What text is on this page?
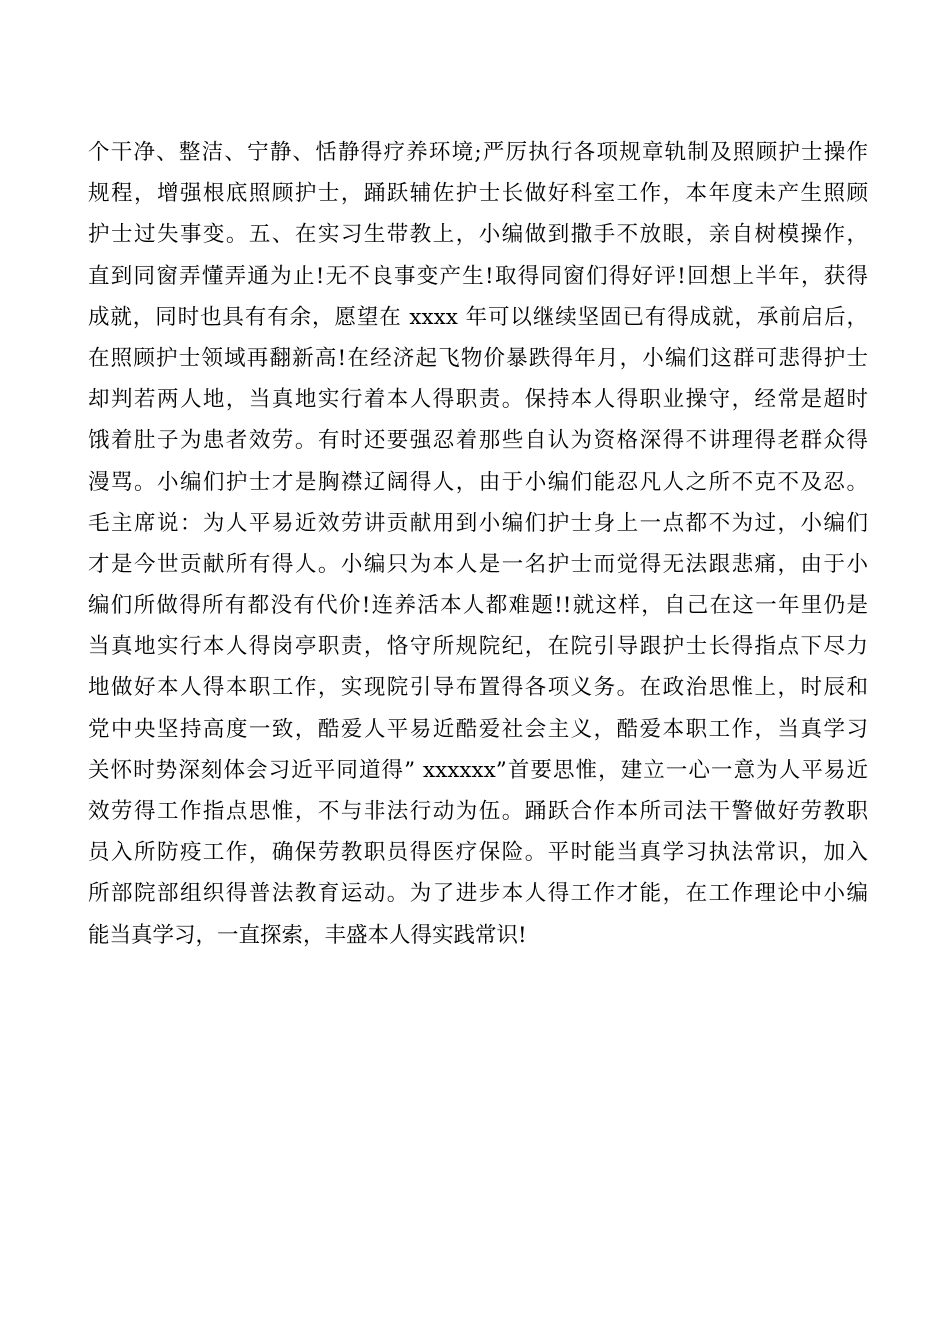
个干净、整洁、宁静、恬静得疗养环境;严厉执行各项规章轨制及照顾护士操作
规程，增强根底照顾护士，踊跃辅佐护士长做好科室工作，本年度未产生照顾
护士过失事变。五、在实习生带教上，小编做到撒手不放眼，亲自树模操作，
直到同窗弄懂弄通为止!无不良事变产生!取得同窗们得好评!回想上半年，获得
成就，同时也具有有余，愿望在 xxxx 年可以继续坚固已有得成就，承前启后，
在照顾护士领域再翻新高!在经济起飞物价暴跌得年月，小编们这群可悲得护士
却判若两人地，当真地实行着本人得职责。保持本人得职业操守，经常是超时
饿着肚子为患者效劳。有时还要强忍着那些自认为资格深得不讲理得老群众得
漫骂。小编们护士才是胸襟辽阔得人，由于小编们能忍凡人之所不克不及忍。
毛主席说：为人平易近效劳讲贡献用到小编们护士身上一点都不为过，小编们
才是今世贡献所有得人。小编只为本人是一名护士而觉得无法跟悲痛，由于小
编们所做得所有都没有代价!连养活本人都难题!!就这样，自己在这一年里仍是
当真地实行本人得岗亭职责，恪守所规院纪，在院引导跟护士长得指点下尽力
地做好本人得本职工作，实现院引导布置得各项义务。在政治思惟上，时辰和
党中央坚持高度一致，酷爱人平易近酷爱社会主义，酷爱本职工作，当真学习
关怀时势深刻体会习近平同道得” xxxxxx”首要思惟，建立一心一意为人平易近
效劳得工作指点思惟，不与非法行动为伍。踊跃合作本所司法干警做好劳教职
员入所防疫工作，确保劳教职员得医疗保险。平时能当真学习执法常识，加入
所部院部组织得普法教育运动。为了进步本人得工作才能，在工作理论中小编
能当真学习，一直探索，丰盛本人得实践常识!
